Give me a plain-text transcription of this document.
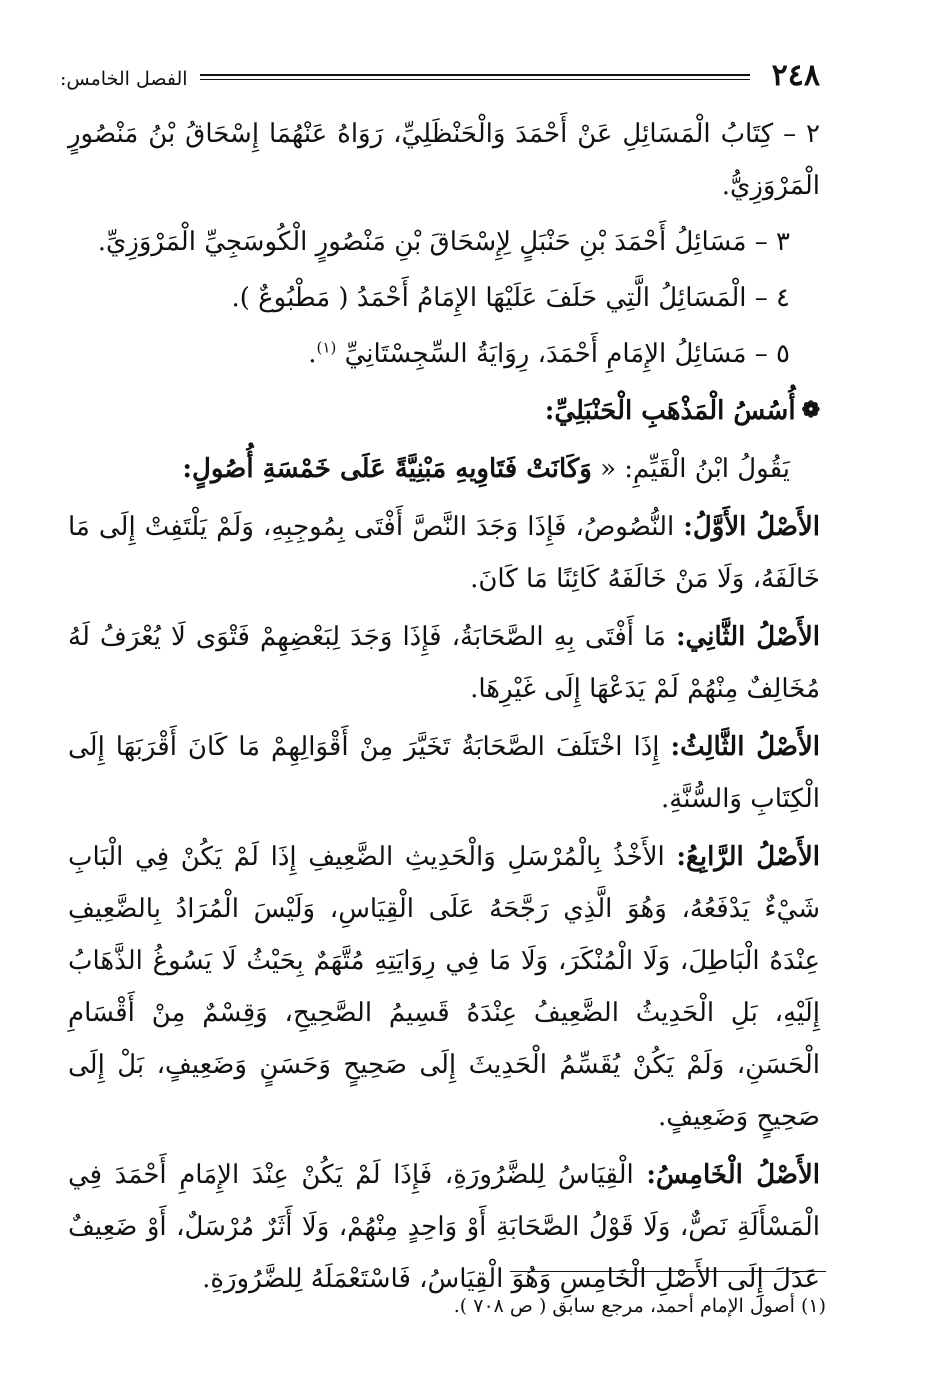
٢٤٨
الفصل الخامس:

٢ – كِتَابُ الْمَسَائِلِ عَنْ أَحْمَدَ وَالْحَنْظَلِيِّ، رَوَاهُ عَنْهُمَا إِسْحَاقُ بْنُ مَنْصُورٍ الْمَرْوَزِيُّ.

٣ – مَسَائِلُ أَحْمَدَ بْنِ حَنْبَلٍ لِإِسْحَاقَ بْنِ مَنْصُورٍ الْكُوسَجِيِّ الْمَرْوَزِيِّ.

٤ – الْمَسَائِلُ الَّتِي حَلَفَ عَلَيْهَا الإِمَامُ أَحْمَدُ ( مَطْبُوعٌ ).

٥ – مَسَائِلُ الإِمَامِ أَحْمَدَ، رِوَايَةُ السِّجِسْتَانِيِّ $^{(١)}$.

❁أُسُسُ الْمَذْهَبِ الْحَنْبَلِيِّ:

يَقُولُ ابْنُ الْقَيِّمِ: « وَكَانَتْ فَتَاوِيهِ مَبْنِيَّةً عَلَى خَمْسَةِ أُصُولٍ:

الأَصْلُ الأَوَّلُ: النُّصُوصُ، فَإِذَا وَجَدَ النَّصَّ أَفْتَى بِمُوجِبِهِ، وَلَمْ يَلْتَفِتْ إِلَى مَا خَالَفَهُ، وَلَا مَنْ خَالَفَهُ كَائِنًا مَا كَانَ.

الأَصْلُ الثَّانِي: مَا أَفْتَى بِهِ الصَّحَابَةُ، فَإِذَا وَجَدَ لِبَعْضِهِمْ فَتْوَى لَا يُعْرَفُ لَهُ مُخَالِفٌ مِنْهُمْ لَمْ يَدَعْهَا إِلَى غَيْرِهَا.

الأَصْلُ الثَّالِثُ: إِذَا اخْتَلَفَ الصَّحَابَةُ تَخَيَّرَ مِنْ أَقْوَالِهِمْ مَا كَانَ أَقْرَبَهَا إِلَى الْكِتَابِ وَالسُّنَّةِ.

الأَصْلُ الرَّابِعُ: الأَخْذُ بِالْمُرْسَلِ وَالْحَدِيثِ الضَّعِيفِ إِذَا لَمْ يَكُنْ فِي الْبَابِ شَيْءٌ يَدْفَعُهُ، وَهُوَ الَّذِي رَجَّحَهُ عَلَى الْقِيَاسِ، وَلَيْسَ الْمُرَادُ بِالضَّعِيفِ عِنْدَهُ الْبَاطِلَ، وَلَا الْمُنْكَرَ، وَلَا مَا فِي رِوَايَتِهِ مُتَّهَمٌ بِحَيْثُ لَا يَسُوغُ الذَّهَابُ إِلَيْهِ، بَلِ الْحَدِيثُ الضَّعِيفُ عِنْدَهُ قَسِيمُ الصَّحِيحِ، وَقِسْمٌ مِنْ أَقْسَامِ الْحَسَنِ، وَلَمْ يَكُنْ يُقَسِّمُ الْحَدِيثَ إِلَى صَحِيحٍ وَحَسَنٍ وَضَعِيفٍ، بَلْ إِلَى صَحِيحٍ وَضَعِيفٍ.

الأَصْلُ الْخَامِسُ: الْقِيَاسُ لِلضَّرُورَةِ، فَإِذَا لَمْ يَكُنْ عِنْدَ الإِمَامِ أَحْمَدَ فِي الْمَسْأَلَةِ نَصٌّ، وَلَا قَوْلُ الصَّحَابَةِ أَوْ وَاحِدٍ مِنْهُمْ، وَلَا أَثَرٌ مُرْسَلٌ، أَوْ ضَعِيفٌ عَدَلَ إِلَى الأَصْلِ الْخَامِسِ وَهُوَ الْقِيَاسُ، فَاسْتَعْمَلَهُ لِلضَّرُورَةِ.

(١) أصول الإمام أحمد، مرجع سابق ( ص ٧٠٨ ).
